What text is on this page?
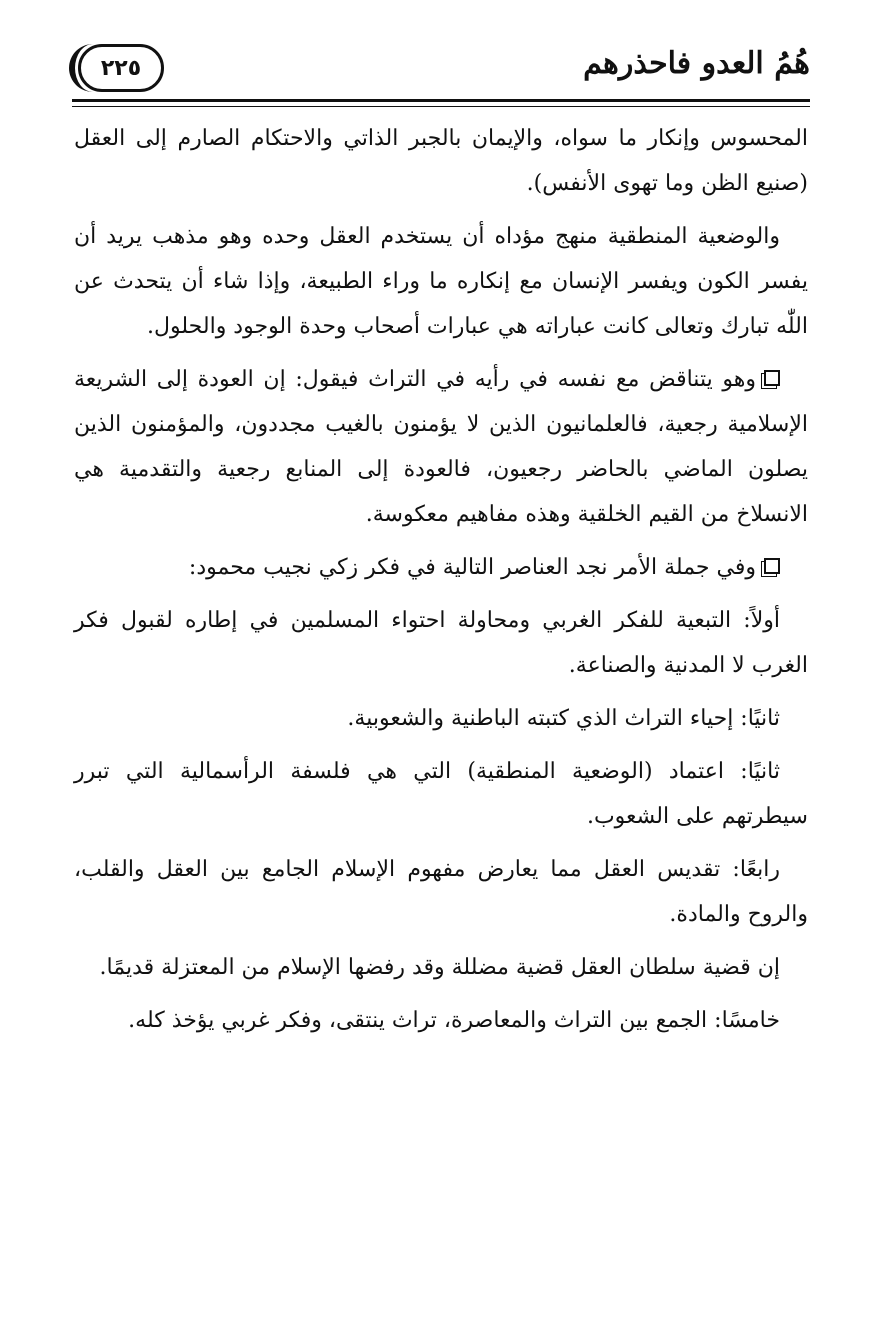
هُمُ العدو فاحذرهم
٢٢٥

المحسوس وإنكار ما سواه، والإيمان بالجبر الذاتي والاحتكام الصارم إلى العقل (صنيع الظن وما تهوى الأنفس).

والوضعية المنطقية منهج مؤداه أن يستخدم العقل وحده وهو مذهب يريد أن يفسر الكون ويفسر الإنسان مع إنكاره ما وراء الطبيعة، وإذا شاء أن يتحدث عن اللّٰه تبارك وتعالى كانت عباراته هي عبارات أصحاب وحدة الوجود والحلول.

وهو يتناقض مع نفسه في رأيه في التراث فيقول: إن العودة إلى الشريعة الإسلامية رجعية، فالعلمانيون الذين لا يؤمنون بالغيب مجددون، والمؤمنون الذين يصلون الماضي بالحاضر رجعيون، فالعودة إلى المنابع رجعية والتقدمية هي الانسلاخ من القيم الخلقية وهذه مفاهيم معكوسة.

وفي جملة الأمر نجد العناصر التالية في فكر زكي نجيب محمود:

أولاً: التبعية للفكر الغربي ومحاولة احتواء المسلمين في إطاره لقبول فكر الغرب لا المدنية والصناعة.

ثانيًا: إحياء التراث الذي كتبته الباطنية والشعوبية.

ثانيًا: اعتماد (الوضعية المنطقية) التي هي فلسفة الرأسمالية التي تبرر سيطرتهم على الشعوب.

رابعًا: تقديس العقل مما يعارض مفهوم الإسلام الجامع بين العقل والقلب، والروح والمادة.

إن قضية سلطان العقل قضية مضللة وقد رفضها الإسلام من المعتزلة قديمًا.

خامسًا: الجمع بين التراث والمعاصرة، تراث ينتقى، وفكر غربي يؤخذ كله.
